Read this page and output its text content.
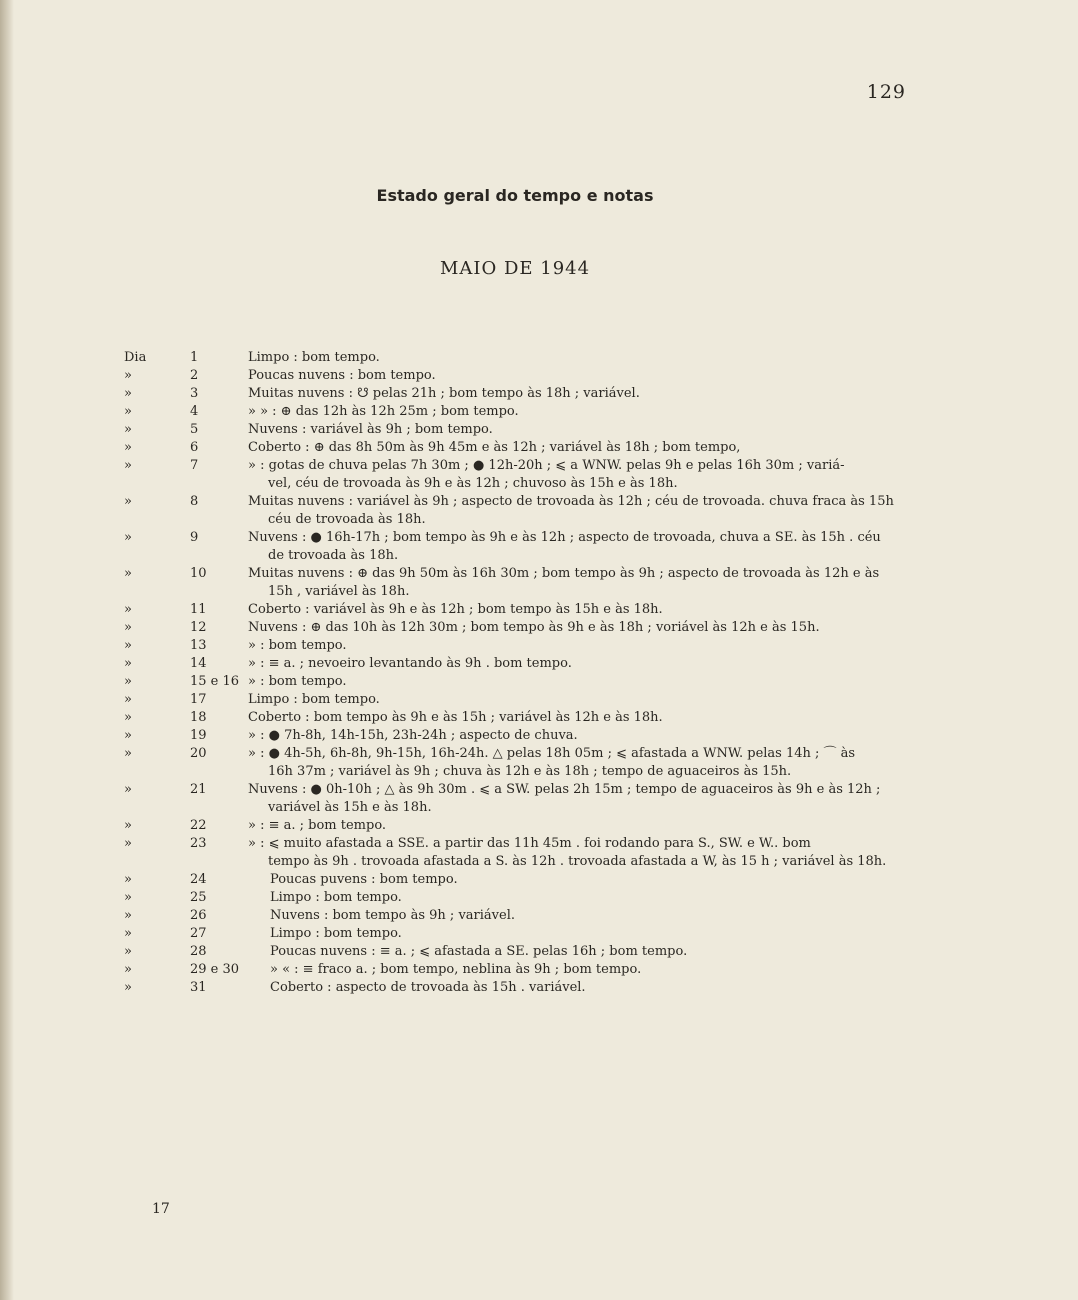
129
Estado geral do tempo e notas
MAIO DE 1944
Dia	1	Limpo : bom tempo.
»	2	Poucas nuvens : bom tempo.
»	3	Muitas nuvens : ☋ pelas 21h ; bom tempo às 18h ; variável.
»	4	» » : ⊕ das 12h às 12h 25m ; bom tempo.
»	5	Nuvens : variável às 9h ; bom tempo.
»	6	Coberto : ⊕ das 8h 50m às 9h 45m e às 12h ; variável às 18h ; bom tempo,
»	7	» : gotas de chuva pelas 7h 30m ; ● 12h-20h ; ⩽ a WNW. pelas 9h e pelas 16h 30m ; variá-
vel, céu de trovoada às 9h e às 12h ; chuvoso às 15h e às 18h.
»	8	Muitas nuvens : variável às 9h ; aspecto de trovoada às 12h ; céu de trovoada. chuva fraca às 15h
céu de trovoada às 18h.
»	9	Nuvens : ● 16h-17h ; bom tempo às 9h e às 12h ; aspecto de trovoada, chuva a SE. às 15h . céu
de trovoada às 18h.
»	10	Muitas nuvens : ⊕ das 9h 50m às 16h 30m ; bom tempo às 9h ; aspecto de trovoada às 12h e às
15h , variável às 18h.
»	11	Coberto : variável às 9h e às 12h ; bom tempo às 15h e às 18h.
»	12	Nuvens : ⊕ das 10h às 12h 30m ; bom tempo às 9h e às 18h ; voriável às 12h e às 15h.
»	13	» : bom tempo.
»	14	» : ≡ a. ; nevoeiro levantando às 9h . bom tempo.
»	15 e 16 » : bom tempo.
»	17	Limpo : bom tempo.
»	18	Coberto : bom tempo às 9h e às 15h ; variável às 12h e às 18h.
»	19	» : ● 7h-8h, 14h-15h, 23h-24h ; aspecto de chuva.
»	20	» : ● 4h-5h, 6h-8h, 9h-15h, 16h-24h. △ pelas 18h 05m ; ⩽ afastada a WNW. pelas 14h ; ⌒ às
16h 37m ; variável às 9h ; chuva às 12h e às 18h ; tempo de aguaceiros às 15h.
»	21	Nuvens : ● 0h-10h ; △ às 9h 30m . ⩽ a SW. pelas 2h 15m ; tempo de aguaceiros às 9h e às 12h ;
variável às 15h e às 18h.
»	22	» : ≡ a. ; bom tempo.
»	23	» : ⩽ muito afastada a SSE. a partir das 11h 45m . foi rodando para S., SW. e W.. bom
tempo às 9h . trovoada afastada a S. às 12h . trovoada afastada a W, às 15 h ; variável às 18h.
»	24	Poucas puvens : bom tempo.
»	25	Limpo : bom tempo.
»	26	Nuvens : bom tempo às 9h ; variável.
»	27	Limpo : bom tempo.
»	28	Poucas nuvens : ≡ a. ; ⩽ afastada a SE. pelas 16h ; bom tempo.
»	29 e 30	» « : ≡ fraco a. ; bom tempo, neblina às 9h ; bom tempo.
»	31	Coberto : aspecto de trovoada às 15h . variável.
17
